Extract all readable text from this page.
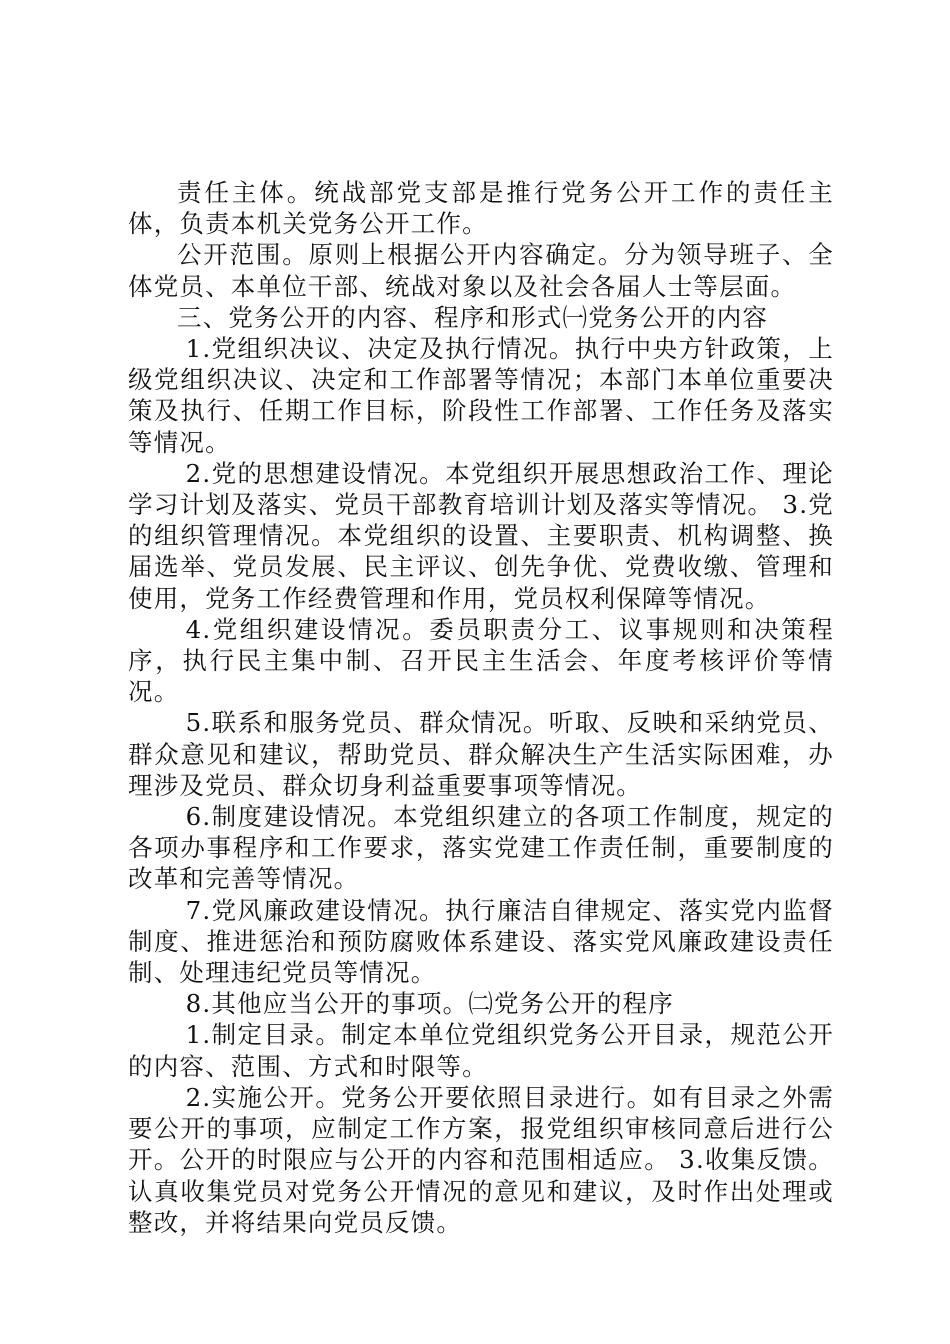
责任主体。统战部党支部是推行党务公开工作的责任主体，负责本机关党务公开工作。

公开范围。原则上根据公开内容确定。分为领导班子、全体党员、本单位干部、统战对象以及社会各届人士等层面。

三、党务公开的内容、程序和形式㈠党务公开的内容

1.党组织决议、决定及执行情况。执行中央方针政策，上级党组织决议、决定和工作部署等情况；本部门本单位重要决策及执行、任期工作目标，阶段性工作部署、工作任务及落实等情况。

2.党的思想建设情况。本党组织开展思想政治工作、理论学习计划及落实、党员干部教育培训计划及落实等情况。 3.党的组织管理情况。本党组织的设置、主要职责、机构调整、换届选举、党员发展、民主评议、创先争优、党费收缴、管理和使用，党务工作经费管理和作用，党员权利保障等情况。

4.党组织建设情况。委员职责分工、议事规则和决策程序，执行民主集中制、召开民主生活会、年度考核评价等情况。

5.联系和服务党员、群众情况。听取、反映和采纳党员、群众意见和建议，帮助党员、群众解决生产生活实际困难，办理涉及党员、群众切身利益重要事项等情况。

6.制度建设情况。本党组织建立的各项工作制度，规定的各项办事程序和工作要求，落实党建工作责任制，重要制度的改革和完善等情况。

7.党风廉政建设情况。执行廉洁自律规定、落实党内监督制度、推进惩治和预防腐败体系建设、落实党风廉政建设责任制、处理违纪党员等情况。

8.其他应当公开的事项。㈡党务公开的程序

1.制定目录。制定本单位党组织党务公开目录，规范公开的内容、范围、方式和时限等。

2.实施公开。党务公开要依照目录进行。如有目录之外需要公开的事项，应制定工作方案，报党组织审核同意后进行公开。公开的时限应与公开的内容和范围相适应。 3.收集反馈。认真收集党员对党务公开情况的意见和建议，及时作出处理或整改，并将结果向党员反馈。
